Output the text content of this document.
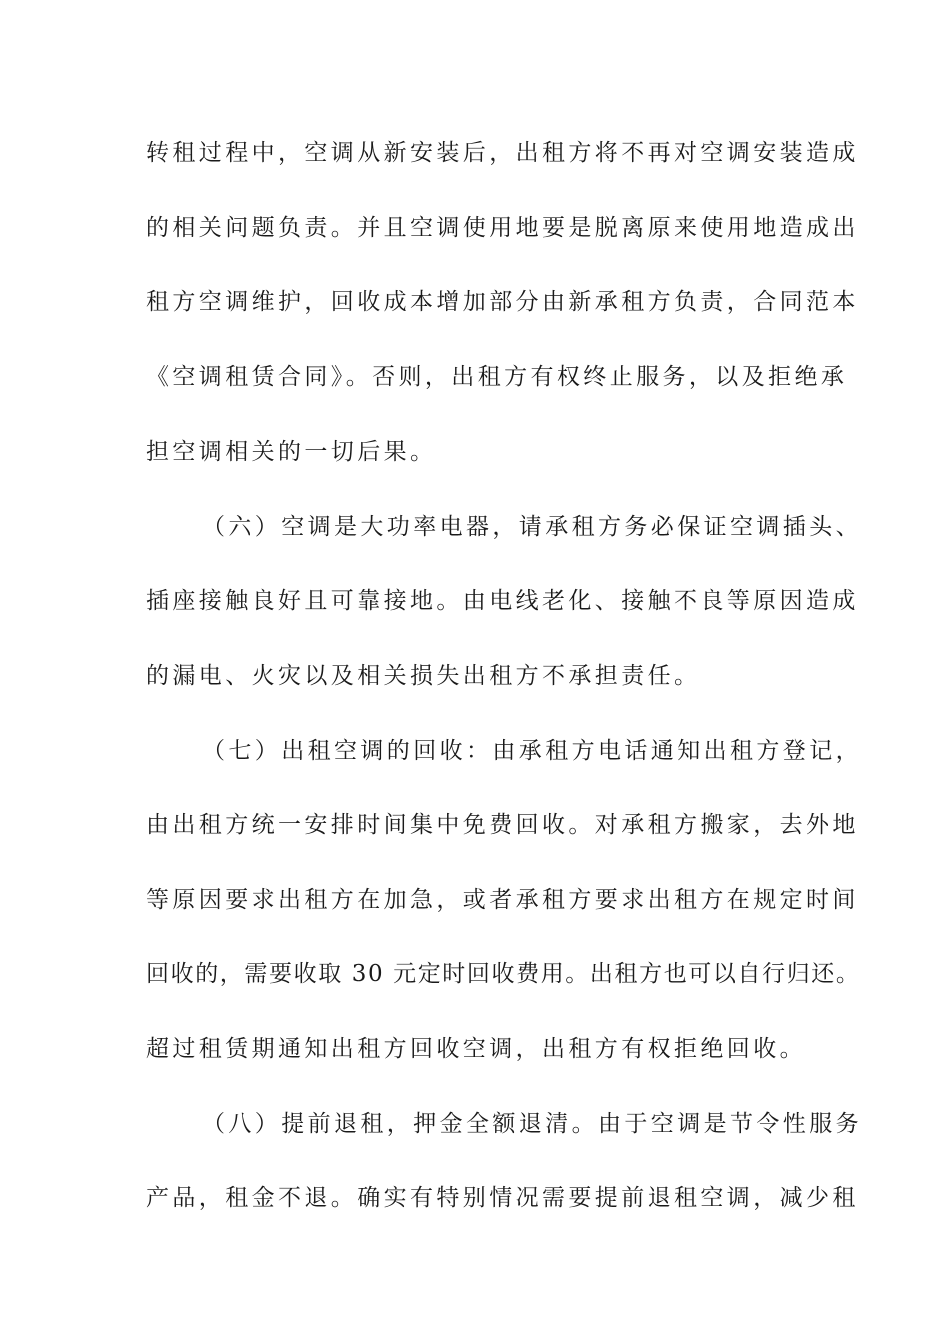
转租过程中，空调从新安装后，出租方将不再对空调安装造成

的相关问题负责。并且空调使用地要是脱离原来使用地造成出

租方空调维护，回收成本增加部分由新承租方负责，合同范本

《空调租赁合同》。否则，出租方有权终止服务，以及拒绝承

担空调相关的一切后果。

（六）空调是大功率电器，请承租方务必保证空调插头、

插座接触良好且可靠接地。由电线老化、接触不良等原因造成

的漏电、火灾以及相关损失出租方不承担责任。

（七）出租空调的回收：由承租方电话通知出租方登记，

由出租方统一安排时间集中免费回收。对承租方搬家，去外地

等原因要求出租方在加急，或者承租方要求出租方在规定时间

回收的，需要收取 30 元定时回收费用。出租方也可以自行归还。

超过租赁期通知出租方回收空调，出租方有权拒绝回收。

（八）提前退租，押金全额退清。由于空调是节令性服务

产品，租金不退。确实有特别情况需要提前退租空调，减少租
